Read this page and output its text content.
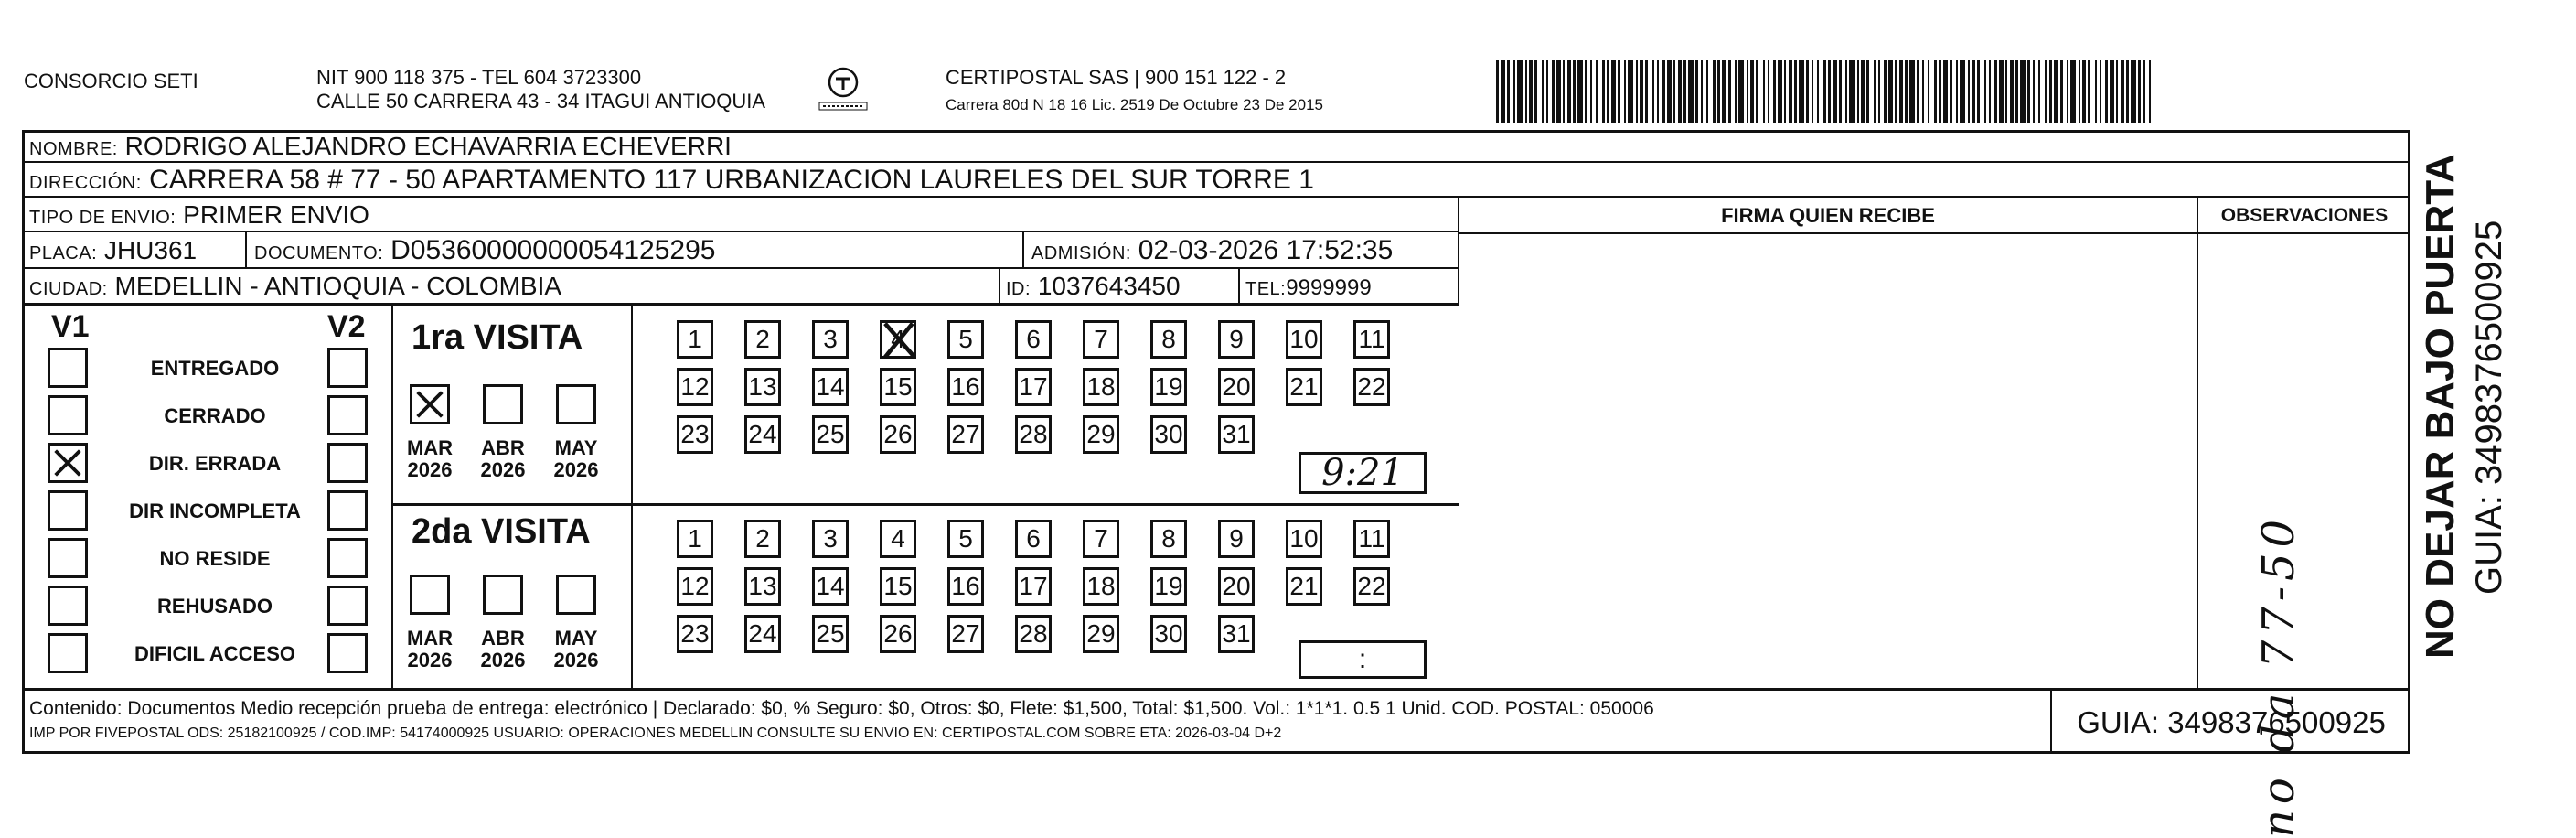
CONSORCIO SETI	NIT 900 118 375 - TEL 604 3723300
CALLE 50 CARRERA 43 - 34 ITAGUI ANTIOQUIA
CERTIPOSTAL SAS | 900 151 122 - 2
Carrera 80d N 18 16 Lic. 2519 De Octubre 23 De 2015
NOMBRE: RODRIGO ALEJANDRO ECHAVARRIA ECHEVERRI
DIRECCIÓN: CARRERA 58 # 77 - 50 APARTAMENTO 117 URBANIZACION LAURELES DEL SUR TORRE 1
TIPO DE ENVIO: PRIMER ENVIO
PLACA: JHU361	DOCUMENTO: D05360000000054125295	ADMISIÓN: 02-03-2026 17:52:35
CIUDAD: MEDELLIN - ANTIOQUIA - COLOMBIA	ID: 1037643450	TEL:9999999
FIRMA QUIEN RECIBE	OBSERVACIONES
no da 77-50
V1	V2
ENTREGADO
CERRADO
DIR. ERRADA
DIR INCOMPLETA
NO RESIDE
REHUSADO
DIFICIL ACCESO
1ra VISITA
2da VISITA
MAR
2026
ABR
2026
MAY
2026
MAR
2026
ABR
2026
MAY
2026
1	2	3	4	5	6	7	8	9	10 11
12 13 14 15 16 17 18 19 20 21 22
23 24 25 26 27 28 29 30 31
1	2	3	4	5	6	7	8	9	10 11
12 13 14 15 16 17 18 19 20 21 22
23 24 25 26 27 28 29 30 31
9:21
:
NO DEJAR BAJO PUERTA GUIA: 3498376500925
Contenido: Documentos Medio recepción prueba de entrega: electrónico | Declarado: $0, % Seguro: $0, Otros: $0, Flete: $1,500, Total: $1,500. Vol.: 1*1*1. 0.5 1 Unid. COD. POSTAL: 050006
IMP POR FIVEPOSTAL ODS: 25182100925 / COD.IMP: 54174000925 USUARIO: OPERACIONES MEDELLIN CONSULTE SU ENVIO EN: CERTIPOSTAL.COM SOBRE ETA: 2026-03-04 D+2	GUIA: 3498376500925
